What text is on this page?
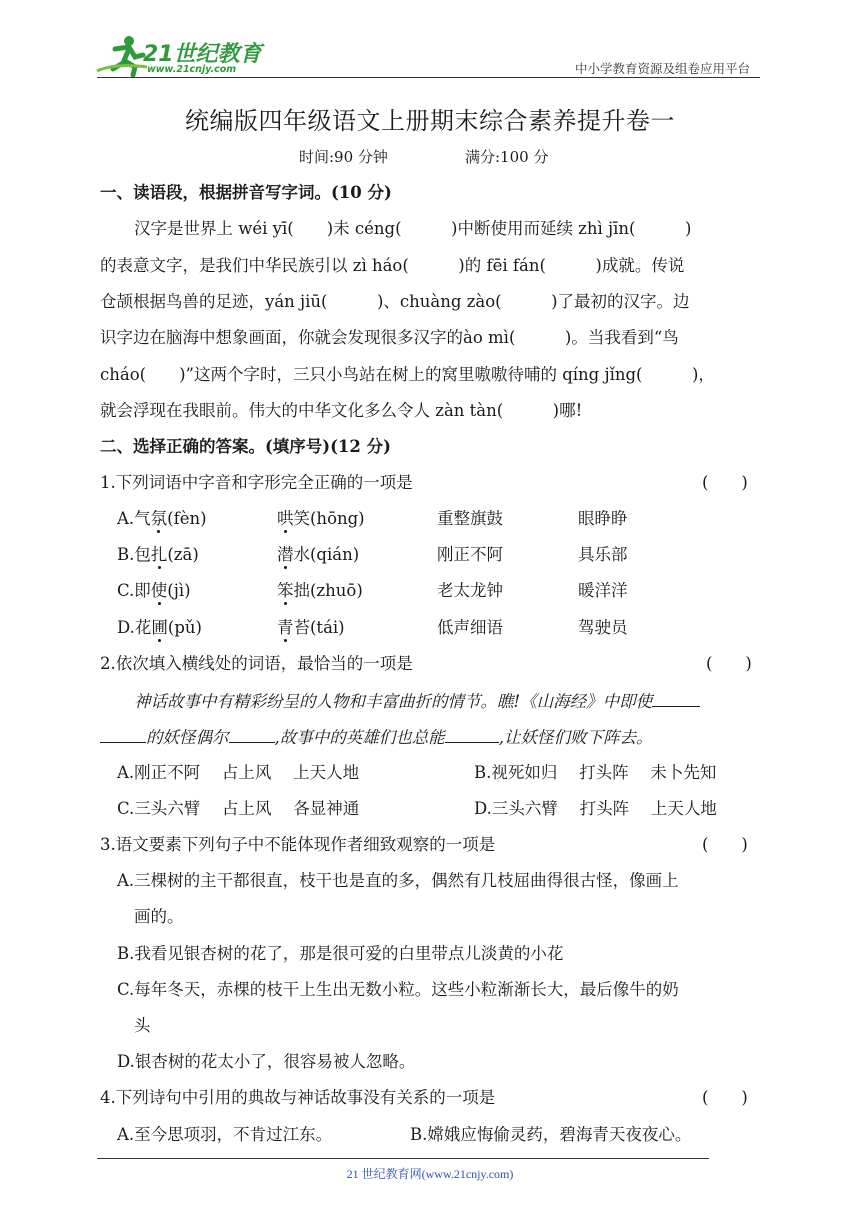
21世纪教育
www.21cnjy.com	中小学教育资源及组卷应用平台
统编版四年级语文上册期末综合素养提升卷一
时间:90 分钟	满分:100 分
一、读语段，根据拼音写字词。(10 分)
汉字是世界上 wéi yī(　　)未 céng(　　　)中断使用而延续 zhì jīn(　　　)
的表意文字，是我们中华民族引以 zì háo(　　　)的 fēi fán(　　　)成就。传说
仓颉根据鸟兽的足迹，yán jiū(　　　)、chuàng zào(　　　)了最初的汉字。边
识字边在脑海中想象画面，你就会发现很多汉字的ào mì(　　　)。当我看到“鸟
cháo(　　)”这两个字时，三只小鸟站在树上的窝里嗷嗷待哺的 qíng jǐng(　　　)，
就会浮现在我眼前。伟大的中华文化多么令人 zàn tàn(　　　)哪!
二、选择正确的答案。(填序号)(12 分)
1.下列词语中字音和字形完全正确的一项是	(　　)
A.气氛(fèn)	哄笑(hōng)	重整旗鼓	眼睁睁
B.包扎(zā)	潜水(qián)	刚正不阿	具乐部
C.即使(jì)	笨拙(zhuō)	老太龙钟	暖洋洋
D.花圃(pǔ)	青苔(tái)	低声细语	驾驶员
2.依次填入横线处的词语，最恰当的一项是	(　　)
神话故事中有精彩纷呈的人物和丰富曲折的情节。瞧!《山海经》中即使
的妖怪偶尔	,故事中的英雄们也总能	,让妖怪们败下阵去。
A.刚正不阿　 占上风　 上天人地	B.视死如归　 打头阵　 未卜先知
C.三头六臂　 占上风　 各显神通	D.三头六臂　 打头阵　 上天人地
3.语文要素下列句子中不能体现作者细致观察的一项是	(　　)
A.三棵树的主干都很直，枝干也是直的多，偶然有几枝屈曲得很古怪，像画上
画的。
B.我看见银杏树的花了，那是很可爱的白里带点儿淡黄的小花
C.每年冬天，赤棵的枝干上生出无数小粒。这些小粒渐渐长大，最后像牛的奶
头
D.银杏树的花太小了，很容易被人忽略。
4.下列诗句中引用的典故与神话故事没有关系的一项是	(　　)
A.至今思项羽，不肯过江东。	B.嫦娥应悔偷灵药，碧海青天夜夜心。
21 世纪教育网(www.21cnjy.com)
